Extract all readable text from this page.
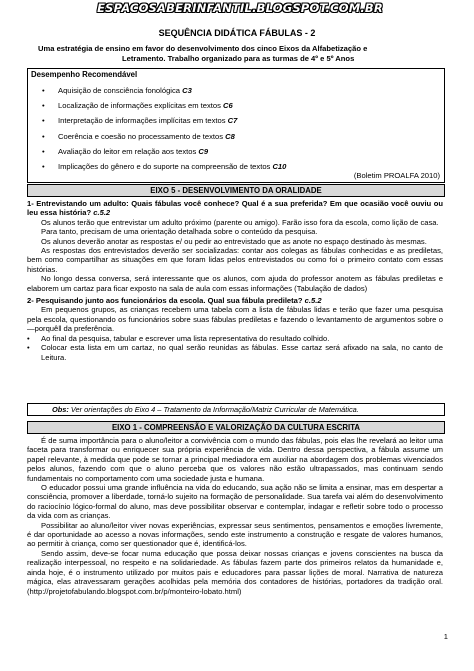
ESPACOSABERINFANTIL.BLOGSPOT.COM.BR
SEQUÊNCIA DIDÁTICA FÁBULAS - 2
Uma estratégia de ensino em favor do desenvolvimento dos cinco Eixos da Alfabetização e
Letramento. Trabalho organizado para as turmas de 4º e 5º Anos
Desempenho Recomendável
• Aquisição de consciência fonológica C3
• Localização de informações explícitas em textos C6
• Interpretação de informações implícitas em textos C7
• Coerência e coesão no processamento de textos C8
• Avaliação do leitor em relação aos textos C9
• Implicações do gênero e do suporte na compreensão de textos C10
(Boletim PROALFA 2010)
EIXO 5 - DESENVOLVIMENTO DA ORALIDADE

1- Entrevistando um adulto: Quais fábulas você conhece? Qual é a sua preferida? Em que ocasião você ouviu ou leu essa história? c.5.2

Os alunos terão que entrevistar um adulto próximo (parente ou amigo). Farão isso fora da escola, como lição de casa.

Para tanto, precisam de uma orientação detalhada sobre o conteúdo da pesquisa.

Os alunos deverão anotar as respostas e/ ou pedir ao entrevistado que as anote no espaço destinado às mesmas.

As respostas dos entrevistados deverão ser socializadas: contar aos colegas as fábulas conhecidas e as prediletas, bem como compartilhar as situações em que foram lidas pelos entrevistados ou como foi o primeiro contato com essas histórias.

No longo dessa conversa, será interessante que os alunos, com ajuda do professor anotem as fábulas prediletas e elaborem um cartaz para ficar exposto na sala de aula com essas informações (Tabulação de dados)

2- Pesquisando junto aos funcionários da escola. Qual sua fábula predileta? c.5.2

Em pequenos grupos, as crianças recebem uma tabela com a lista de fábulas lidas e terão que fazer uma pesquisa pela escola, questionando os funcionários sobre suas fábulas prediletas e fazendo o levantamento de argumentos sobre o —porquê‖ da preferência.

•	Ao final da pesquisa, tabular e escrever uma lista representativa do resultado colhido.
•	Colocar esta lista em um cartaz, no qual serão reunidas as fábulas. Esse cartaz será afixado na sala, no canto de Leitura.
Obs: Ver orientações do Eixo 4 – Tratamento da Informação/Matriz Curricular de Matemática.
EIXO 1 - COMPREENSÃO E VALORIZAÇÃO DA CULTURA ESCRITA

É de suma importância para o aluno/leitor a convivência com o mundo das fábulas, pois elas lhe revelará ao leitor uma faceta para transformar ou enriquecer sua própria experiência de vida. Dentro dessa perspectiva, a fábula assume um papel relevante, à medida que pode se tornar a principal mediadora em auxiliar na abordagem dos problemas vivenciados pelos alunos, fazendo com que o aluno perceba que os valores não estão ultrapassados, mas continuam sendo fundamentais no comportamento com uma sociedade justa e humana.

O educador possui uma grande influência na vida do educando, sua ação não se limita a ensinar, mas em despertar a consciência, promover a liberdade, torná-lo sujeito na formação de personalidade. Sua tarefa vai além do desenvolvimento do raciocínio lógico-formal do aluno, mas deve possibilitar observar e contemplar, indagar e refletir sobre todo o processo da vida com as crianças.

Possibilitar ao aluno/leitor viver novas experiências, expressar seus sentimentos, pensamentos e emoções livremente, é dar oportunidade ao acesso a novas informações, sendo este instrumento a construção e resgate de valores humanos, ao permitir à criança, como ser questionador que é, identificá-los.

Sendo assim, deve-se focar numa educação que possa deixar nossas crianças e jovens conscientes na busca da realização interpessoal, no respeito e na solidariedade. As fábulas fazem parte dos primeiros relatos da humanidade e, ainda hoje, é o instrumento utilizado por muitos pais e educadores para passar lições de moral. Narrativa de natureza mágica, elas atravessaram gerações acolhidas pela memória dos contadores de histórias, portadores da tradição oral. (http://projetofabulando.blogspot.com.br/p/monteiro-lobato.html)

1
